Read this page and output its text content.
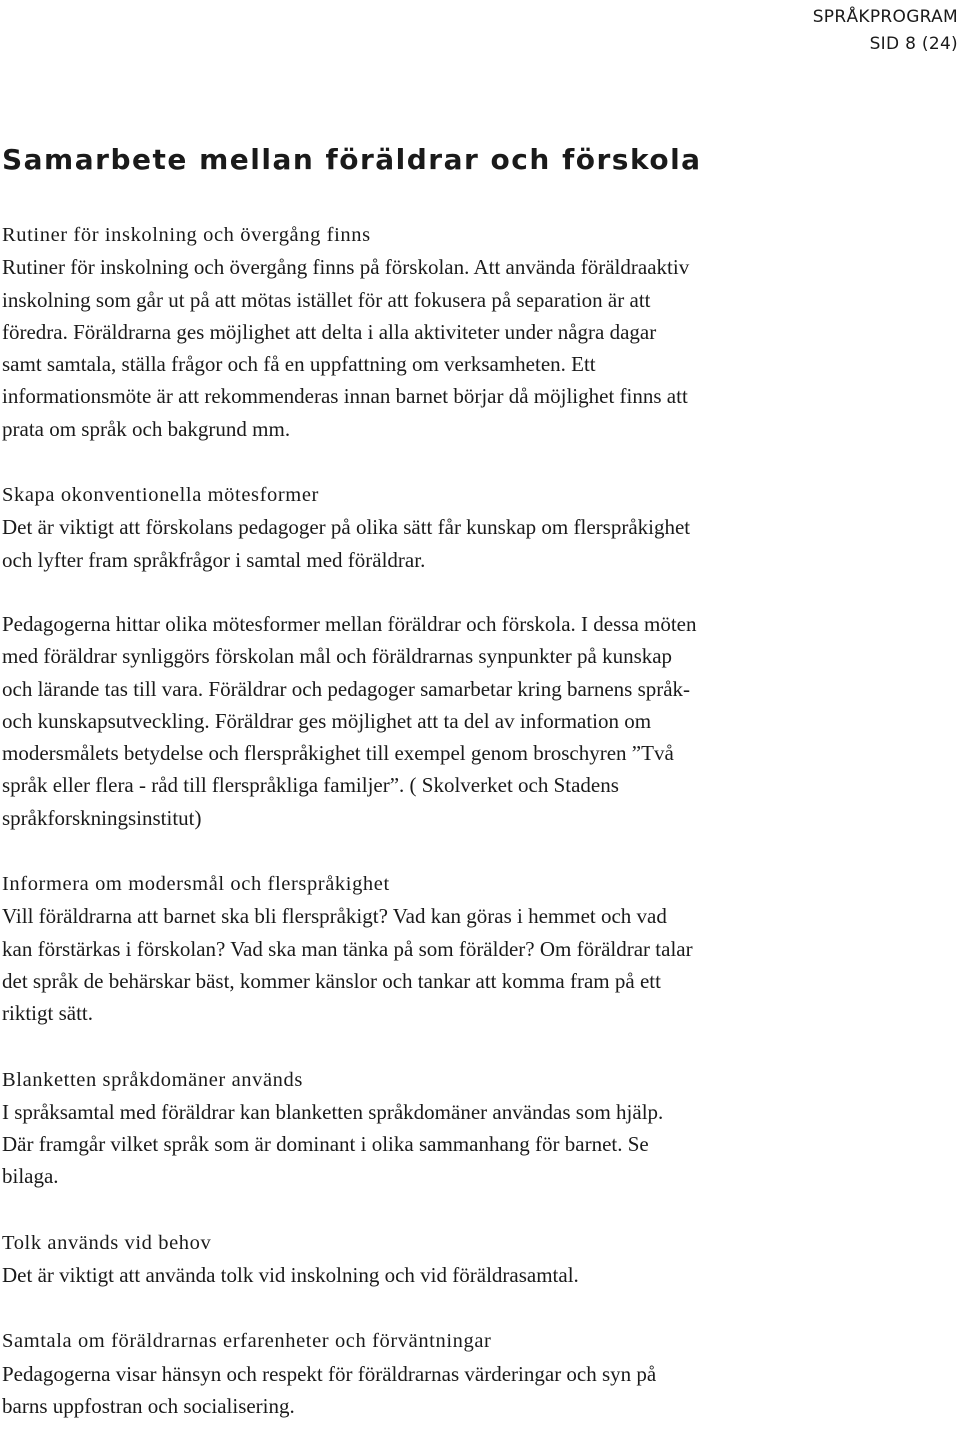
SPRÅKPROGRAM
SID 8 (24)
Samarbete mellan föräldrar och förskola
Rutiner för inskolning och övergång finns

Rutiner för inskolning och övergång finns på förskolan. Att använda föräldraaktiv
inskolning som går ut på att mötas istället för att fokusera på separation är att
föredra. Föräldrarna ges möjlighet att delta i alla aktiviteter under några dagar
samt samtala, ställa frågor och få en uppfattning om verksamheten. Ett
informationsmöte är att rekommenderas innan barnet börjar då möjlighet finns att
prata om språk och bakgrund mm.

Skapa okonventionella mötesformer

Det är viktigt att förskolans pedagoger på olika sätt får kunskap om flerspråkighet
och lyfter fram språkfrågor i samtal med föräldrar.

Pedagogerna hittar olika mötesformer mellan föräldrar och förskola. I dessa möten
med föräldrar synliggörs förskolan mål och föräldrarnas synpunkter på kunskap
och lärande tas till vara. Föräldrar och pedagoger samarbetar kring barnens språk-
och kunskapsutveckling. Föräldrar ges möjlighet att ta del av information om
modersmålets betydelse och flerspråkighet till exempel genom broschyren ”Två
språk eller flera - råd till flerspråkliga familjer”. ( Skolverket och Stadens
språkforskningsinstitut)

Informera om modersmål och flerspråkighet

Vill föräldrarna att barnet ska bli flerspråkigt? Vad kan göras i hemmet och vad
kan förstärkas i förskolan? Vad ska man tänka på som förälder? Om föräldrar talar
det språk de behärskar bäst, kommer känslor och tankar att komma fram på ett
riktigt sätt.

Blanketten språkdomäner används

I språksamtal med föräldrar kan blanketten språkdomäner användas som hjälp.
Där framgår vilket språk som är dominant i olika sammanhang för barnet. Se
bilaga.

Tolk används vid behov

Det är viktigt att använda tolk vid inskolning och vid föräldrasamtal.

Samtala om föräldrarnas erfarenheter och förväntningar

Pedagogerna visar hänsyn och respekt för föräldrarnas värderingar och syn på
barns uppfostran och socialisering.
